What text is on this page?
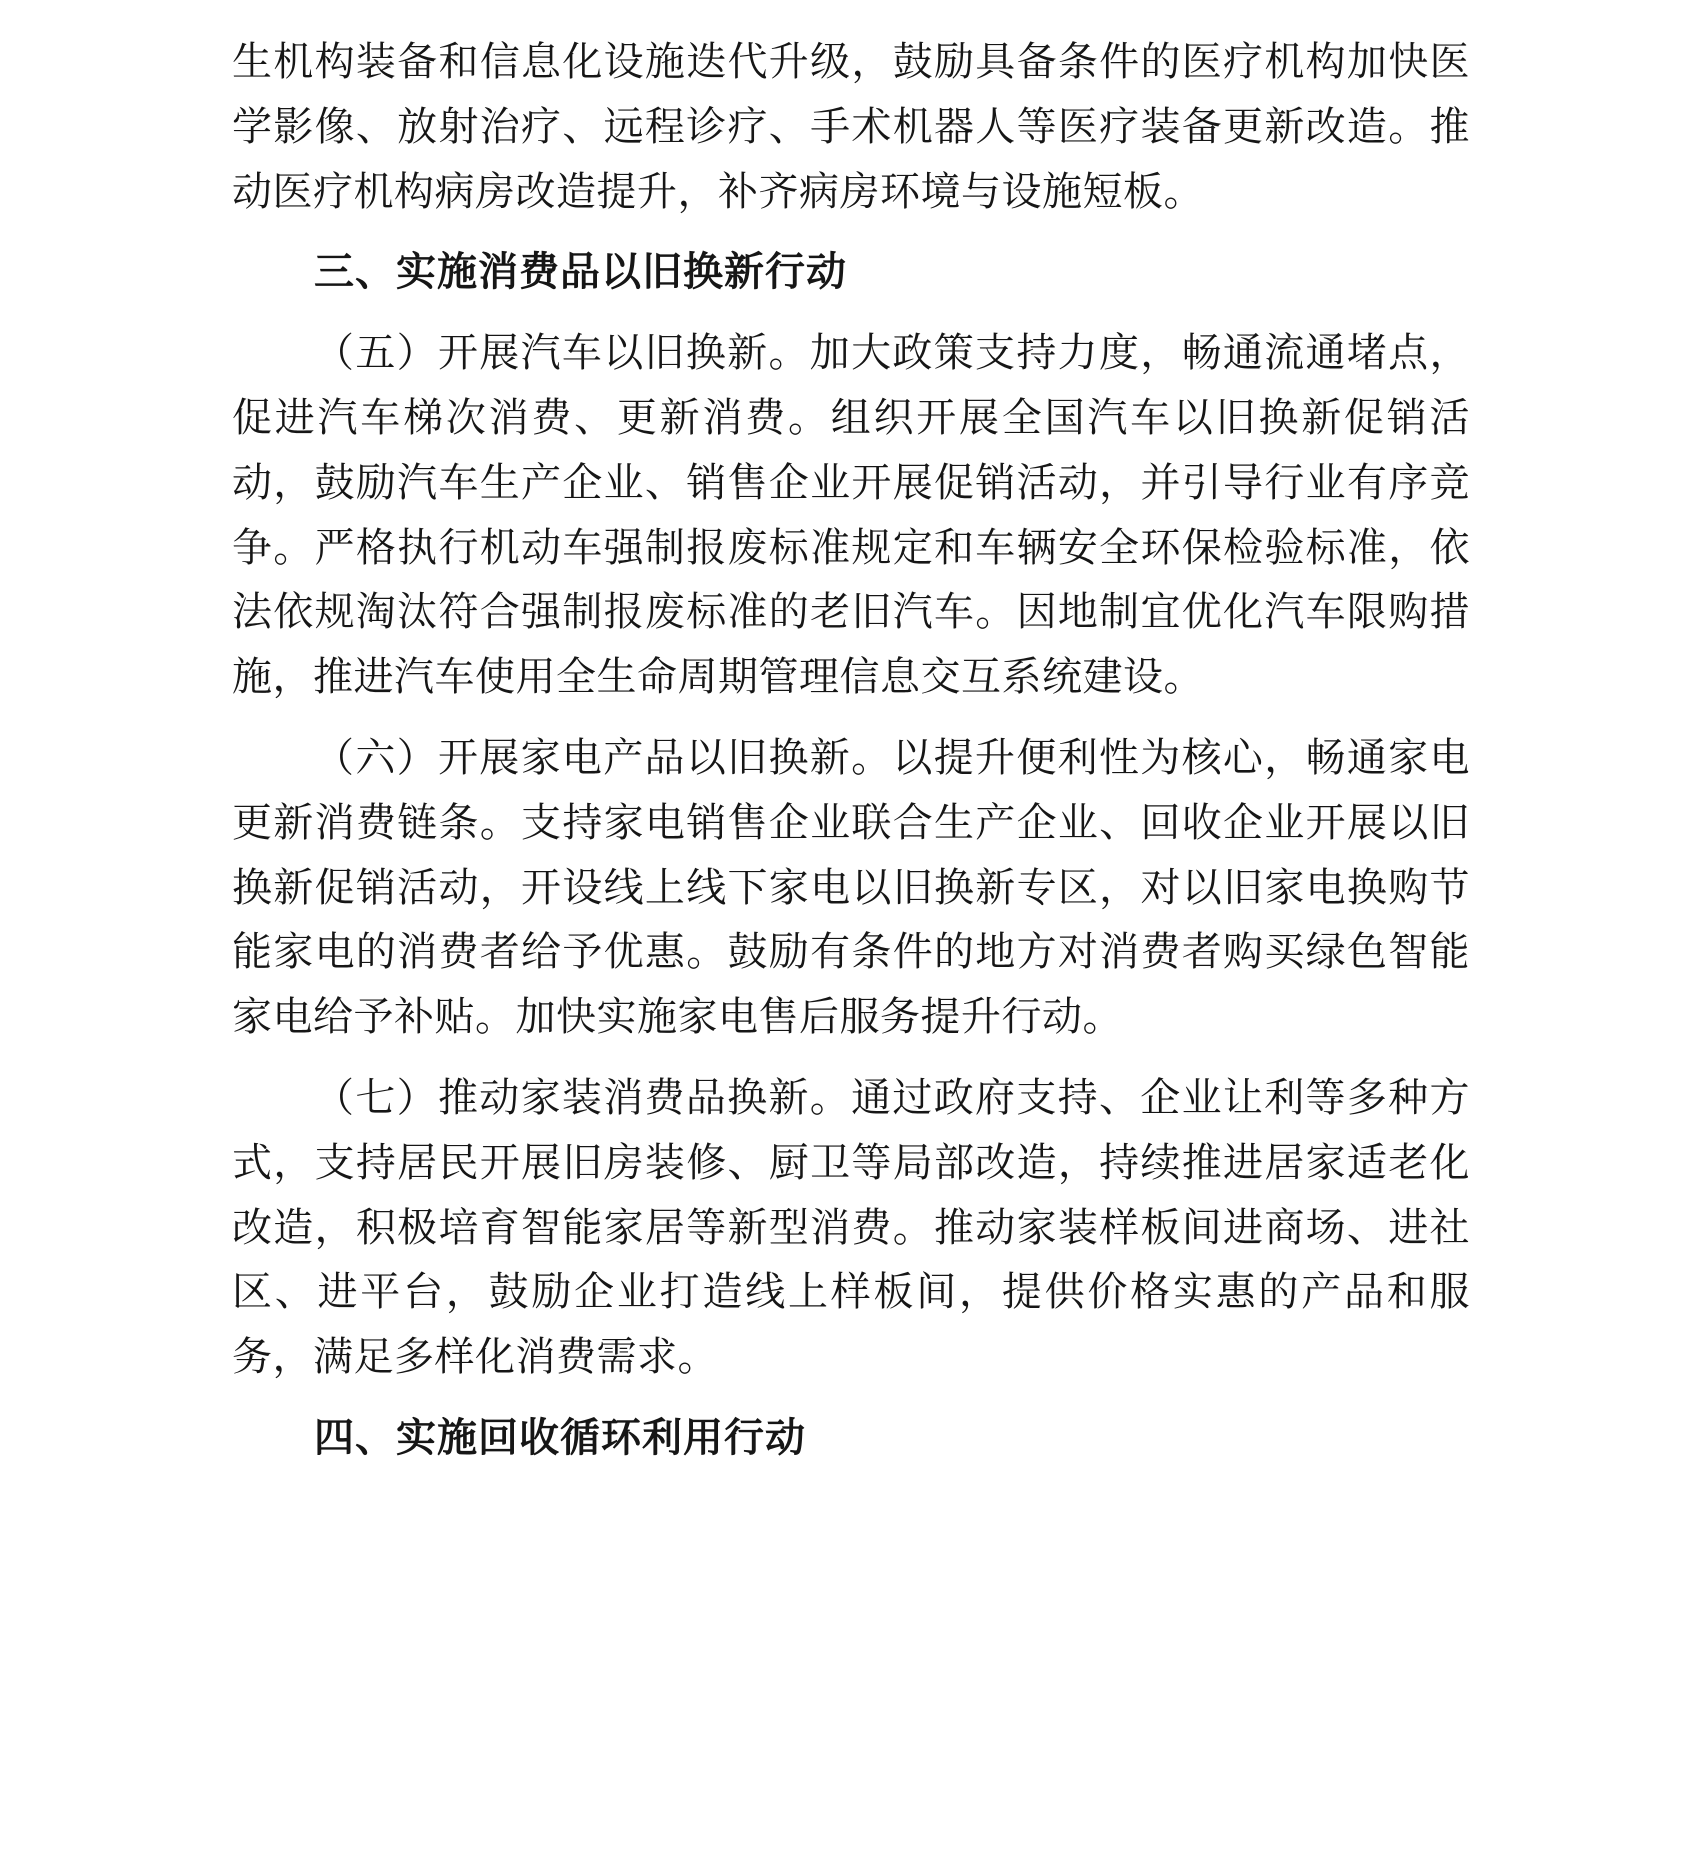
生机构装备和信息化设施迭代升级，鼓励具备条件的医疗机构加快医学影像、放射治疗、远程诊疗、手术机器人等医疗装备更新改造。推动医疗机构病房改造提升，补齐病房环境与设施短板。

三、实施消费品以旧换新行动

（五）开展汽车以旧换新。加大政策支持力度，畅通流通堵点，促进汽车梯次消费、更新消费。组织开展全国汽车以旧换新促销活动，鼓励汽车生产企业、销售企业开展促销活动，并引导行业有序竞争。严格执行机动车强制报废标准规定和车辆安全环保检验标准，依法依规淘汰符合强制报废标准的老旧汽车。因地制宜优化汽车限购措施，推进汽车使用全生命周期管理信息交互系统建设。

（六）开展家电产品以旧换新。以提升便利性为核心，畅通家电更新消费链条。支持家电销售企业联合生产企业、回收企业开展以旧换新促销活动，开设线上线下家电以旧换新专区，对以旧家电换购节能家电的消费者给予优惠。鼓励有条件的地方对消费者购买绿色智能家电给予补贴。加快实施家电售后服务提升行动。

（七）推动家装消费品换新。通过政府支持、企业让利等多种方式，支持居民开展旧房装修、厨卫等局部改造，持续推进居家适老化改造，积极培育智能家居等新型消费。推动家装样板间进商场、进社区、进平台，鼓励企业打造线上样板间，提供价格实惠的产品和服务，满足多样化消费需求。

四、实施回收循环利用行动
